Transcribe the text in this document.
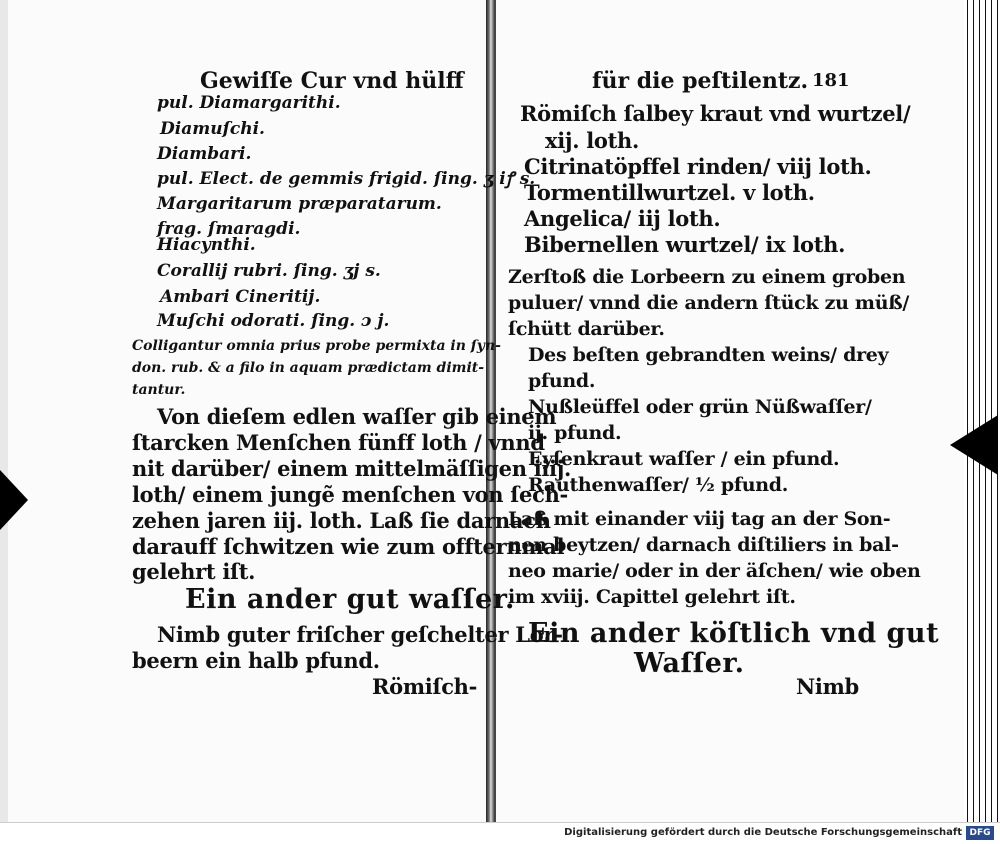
Gewiſſe Cur vnd hülff
pul. Diamargarithi.
Diamuſchi.
Diambari.
pul. Elect. de gemmis frigid. ſing. ʒ iꝭ s.
Margaritarum præparatarum.
frag. ſmaragdi.
Hiacynthi.
Corallij rubri. ſing. ʒj s.
Ambari Cineritij.
Muſchi odorati. ſing. ɔ j.
Colligantur omnia prius probe permixta in ſyn-
don. rub. & a filo in aquam prædictam dimit-
tantur.
Von dieſem edlen waſſer gib einem
ſtarcken Menſchen fünff loth / vnnd
nit darüber/ einem mittelmäſſigen iiij.
loth/ einem jungẽ menſchen von ſech-
zehen jaren iij. loth. Laß ſie darnach
darauff ſchwitzen wie zum offternmal
gelehrt iſt.
Ein ander gut waſſer.
Nimb guter friſcher geſchelter Lor-
beern ein halb pfund.
Römiſch-
für die peſtilentz. 181
Römiſch ſalbey kraut vnd wurtzel/
xij. loth.
Citrinatöpffel rinden/ viij loth.
Tormentillwurtzel. v loth.
Angelica/ iij loth.
Bibernellen wurtzel/ ix loth.
Zerſtoß die Lorbeern zu einem groben
puluer/ vnnd die andern ſtück zu müß/
ſchütt darüber.
Des beſten gebrandten weins/ drey
pfund.
Nußleüffel oder grün Nüßwaſſer/
ij. pfund.
Eyſenkraut waſſer / ein pfund.
Rauthenwaſſer/ ½ pfund.
Laß mit einander viij tag an der Son-
nen beytzen/ darnach diſtiliers in bal-
neo marie/ oder in der äſchen/ wie oben
im xviij. Capittel gelehrt iſt.
Ein ander köſtlich vnd gut
Waſſer.
Nimb
Digitalisierung gefördert durch die Deutsche Forschungsgemeinschaft DFG
